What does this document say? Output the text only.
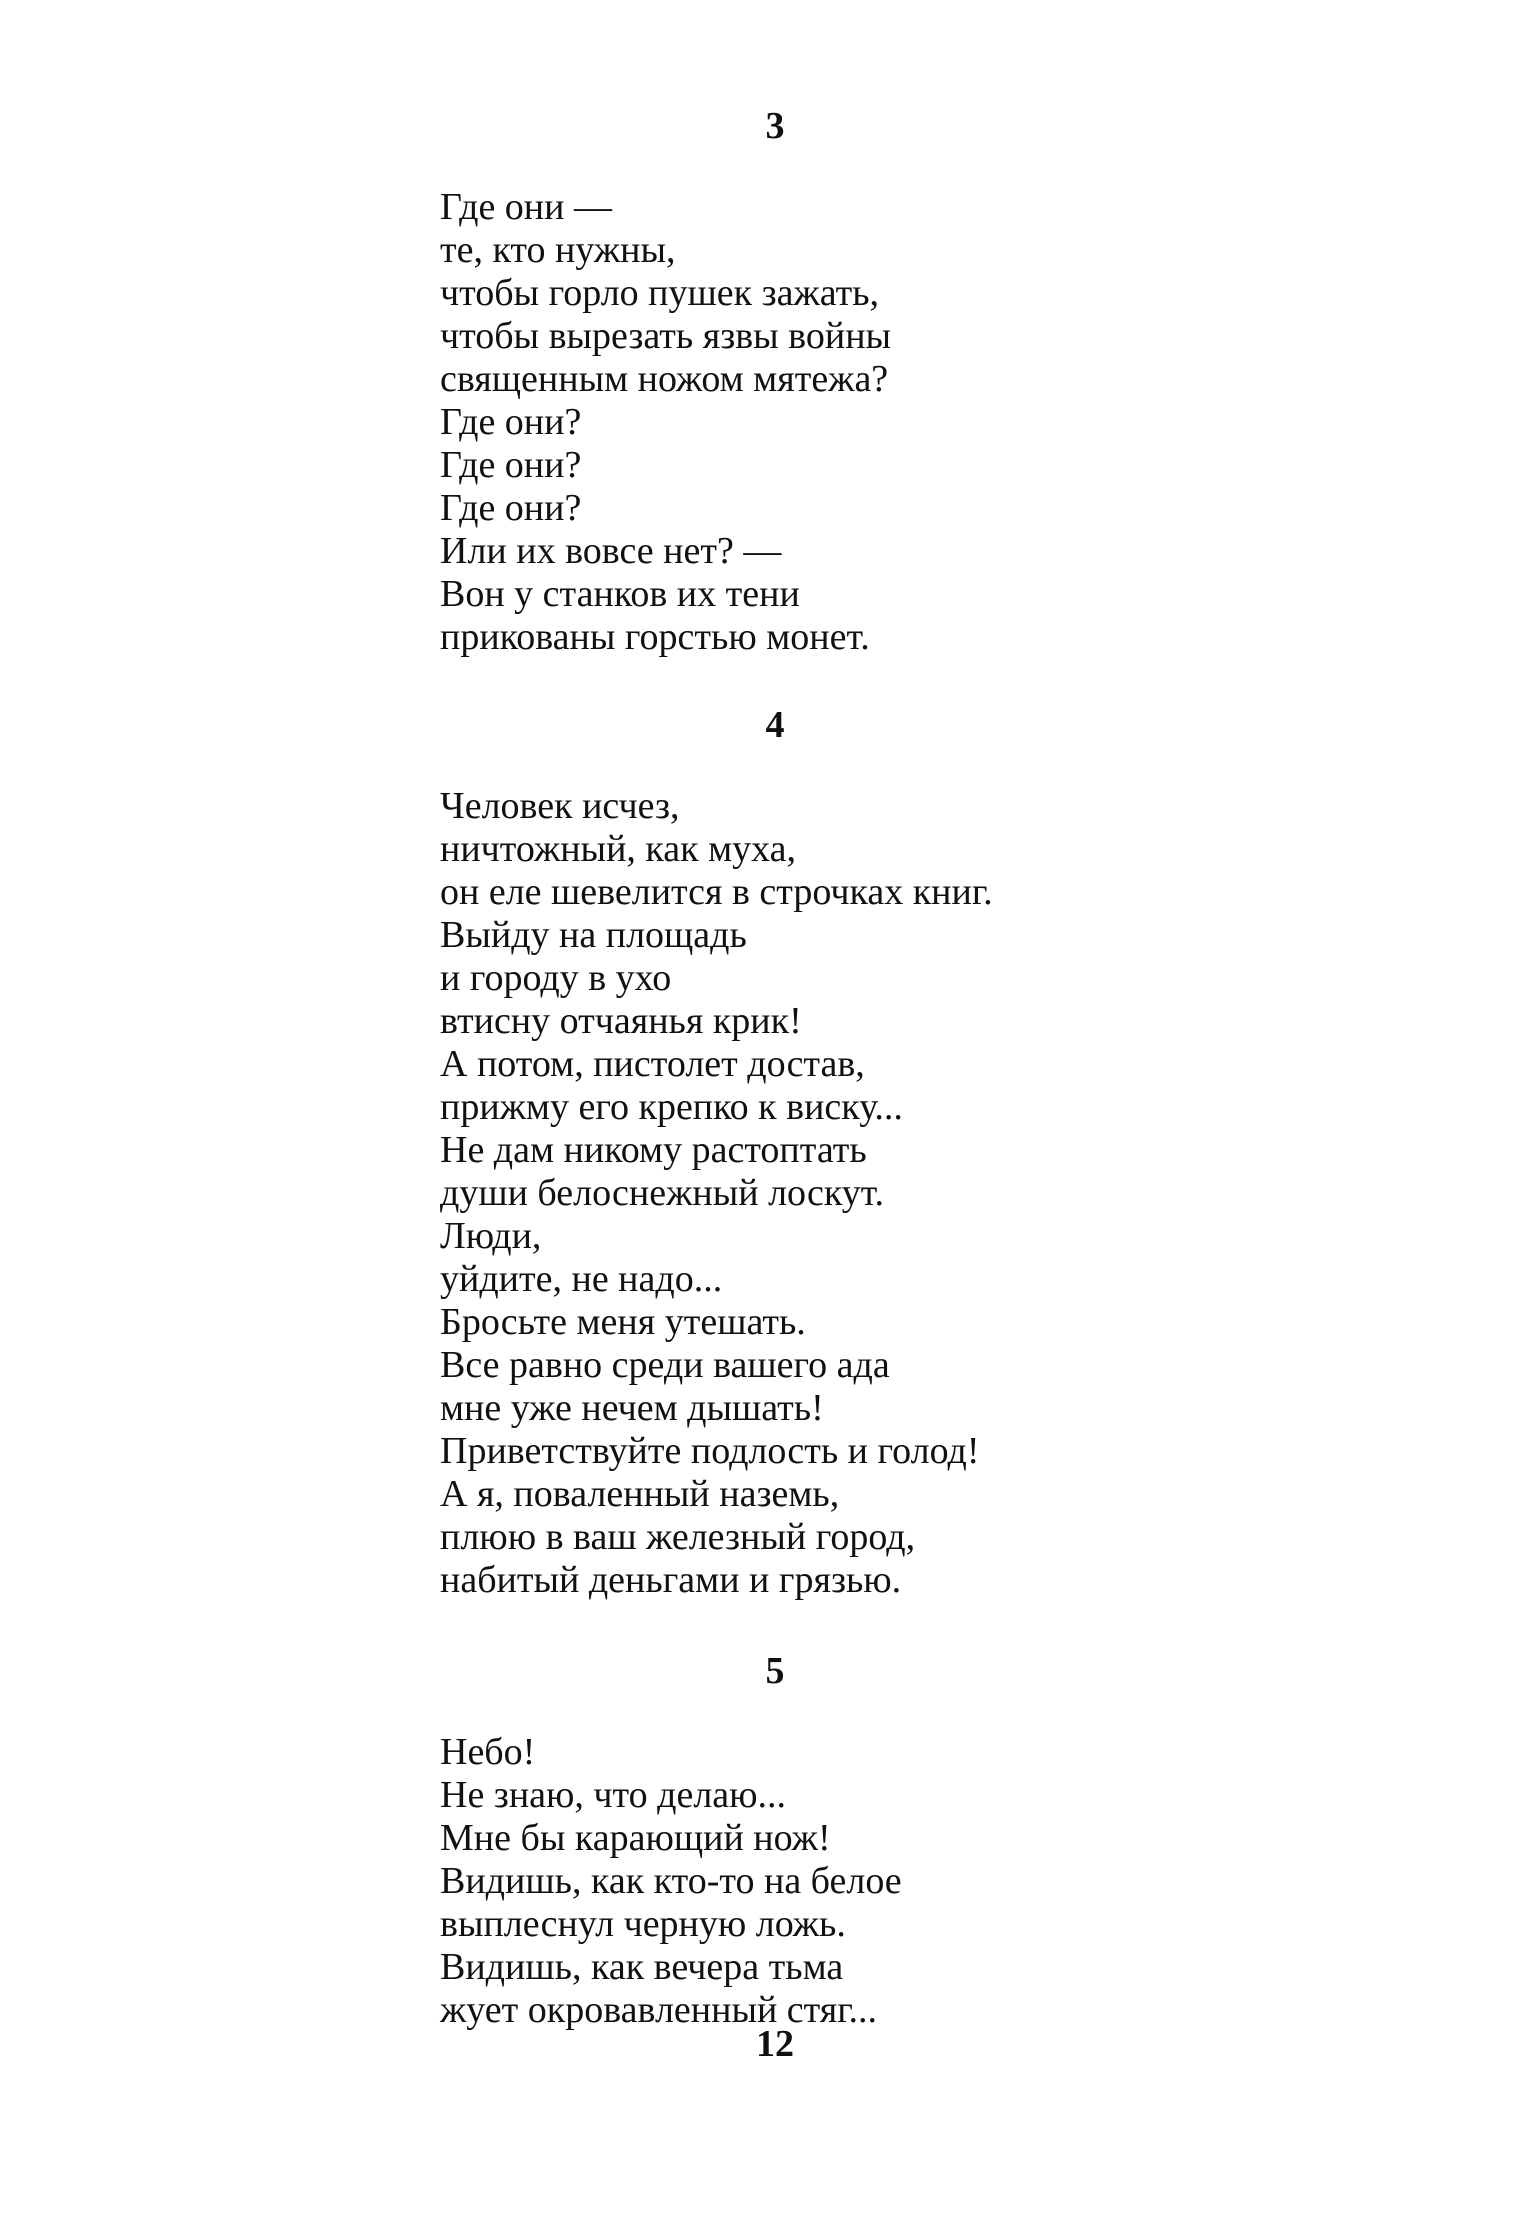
3
Где они —
те, кто нужны,
чтобы горло пушек зажать,
чтобы вырезать язвы войны
священным ножом мятежа?
Где они?
Где они?
Где они?
Или их вовсе нет? —
Вон у станков их тени
прикованы горстью монет.
4
Человек исчез,
ничтожный, как муха,
он еле шевелится в строчках книг.
Выйду на площадь
и городу в ухо
втисну отчаянья крик!
А потом, пистолет достав,
прижму его крепко к виску...
Не дам никому растоптать
души белоснежный лоскут.
Люди,
уйдите, не надо...
Бросьте меня утешать.
Все равно среди вашего ада
мне уже нечем дышать!
Приветствуйте подлость и голод!
А я, поваленный наземь,
плюю в ваш железный город,
набитый деньгами и грязью.
5
Небо!
Не знаю, что делаю...
Мне бы карающий нож!
Видишь, как кто-то на белое
выплеснул черную ложь.
Видишь, как вечера тьма
жует окровавленный стяг...
12
